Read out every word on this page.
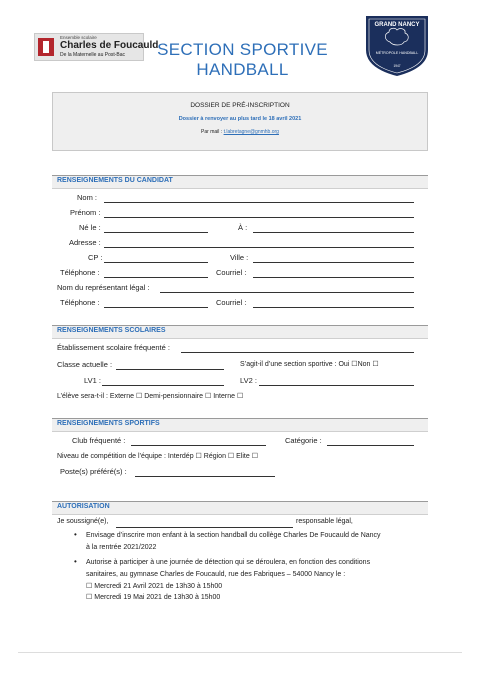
Ensemble scolaire
Charles de Foucauld
De la Maternelle au Post-Bac	SECTION SPORTIVE
HANDBALL
GRAND NANCY
MÉTROPOLE HANDBALL
1947
DOSSIER DE PRÉ-INSCRIPTION
Dossier à renvoyer au plus tard le 18 avril 2021
Par mail : t.labretagne@gnmhb.org
RENSEIGNEMENTS DU CANDIDAT
Nom :
Prénom :
Né le :	À :
Adresse :
CP :	Ville :
Téléphone :	Courriel :
Nom du représentant légal :
Téléphone :	Courriel :
RENSEIGNEMENTS SCOLAIRES
Établissement scolaire fréquenté :
Classe actuelle :	S’agit-il d’une section sportive : Oui ☐Non ☐
LV1 :	LV2 :
L’élève sera-t-il : Externe ☐ Demi-pensionnaire ☐ Interne ☐
RENSEIGNEMENTS SPORTIFS
Club fréquenté :	Catégorie :
Niveau de compétition de l’équipe : Interdép ☐ Région ☐ Elite ☐
Poste(s) préféré(s) :
AUTORISATION
Je soussigné(e),	responsable légal,
• Envisage d’inscrire mon enfant à la section handball du collège Charles De Foucauld de Nancy
à la rentrée 2021/2022
• Autorise à participer à une journée de détection qui se déroulera, en fonction des conditions
sanitaires, au gymnase Charles de Foucauld, rue des Fabriques – 54000 Nancy le :
☐ Mercredi 21 Avril 2021 de 13h30 à 15h00
☐ Mercredi 19 Mai 2021 de 13h30 à 15h00
